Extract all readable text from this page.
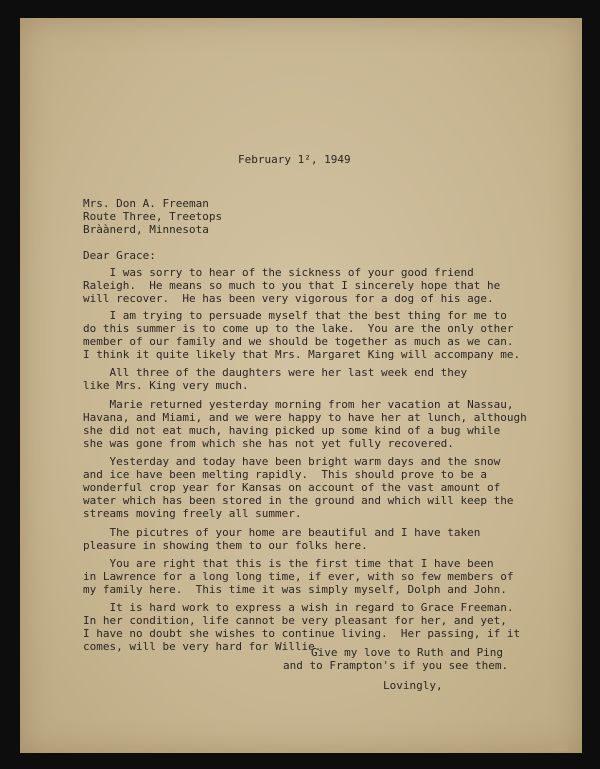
February 1², 1949

Mrs. Don A. Freeman

Route Three, Treetops

Bràànerd, Minnesota

Dear Grace:

I was sorry to hear of the sickness of your good friend

Raleigh.  He means so much to you that I sincerely hope that he

will recover.  He has been very vigorous for a dog of his age.

I am trying to persuade myself that the best thing for me to

do this summer is to come up to the lake.  You are the only other

member of our family and we should be together as much as we can.

I think it quite likely that Mrs. Margaret King will accompany me.

All three of the daughters were her last week end they

like Mrs. King very much.

Marie returned yesterday morning from her vacation at Nassau,

Havana, and Miami, and we were happy to have her at lunch, although

she did not eat much, having picked up some kind of a bug while

she was gone from which she has not yet fully recovered.

Yesterday and today have been bright warm days and the snow

and ice have been melting rapidly.  This should prove to be a

wonderful crop year for Kansas on account of the vast amount of

water which has been stored in the ground and which will keep the

streams moving freely all summer.

The picutres of your home are beautiful and I have taken

pleasure in showing them to our folks here.

You are right that this is the first time that I have been

in Lawrence for a long long time, if ever, with so few members of

my family here.  This time it was simply myself, Dolph and John.

It is hard work to express a wish in regard to Grace Freeman.

In her condition, life cannot be very pleasant for her, and yet,

I have no doubt she wishes to continue living.  Her passing, if it

comes, will be very hard for Willie.

Give my love to Ruth and Ping

and to Frampton's if you see them.

Lovingly,
